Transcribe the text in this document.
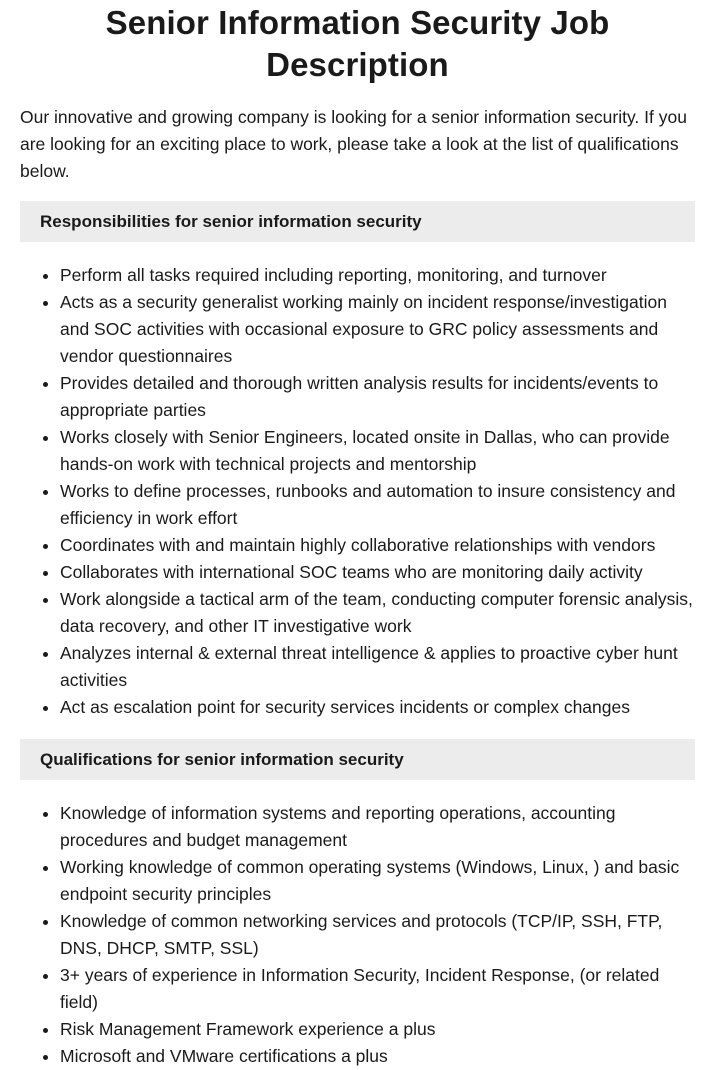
Senior Information Security Job Description

Our innovative and growing company is looking for a senior information security. If you are looking for an exciting place to work, please take a look at the list of qualifications below.

Responsibilities for senior information security
• Perform all tasks required including reporting, monitoring, and turnover
• Acts as a security generalist working mainly on incident response/investigation and SOC activities with occasional exposure to GRC policy assessments and vendor questionnaires
• Provides detailed and thorough written analysis results for incidents/events to appropriate parties
• Works closely with Senior Engineers, located onsite in Dallas, who can provide hands-on work with technical projects and mentorship
• Works to define processes, runbooks and automation to insure consistency and efficiency in work effort
• Coordinates with and maintain highly collaborative relationships with vendors
• Collaborates with international SOC teams who are monitoring daily activity
• Work alongside a tactical arm of the team, conducting computer forensic analysis, data recovery, and other IT investigative work
• Analyzes internal & external threat intelligence & applies to proactive cyber hunt activities
• Act as escalation point for security services incidents or complex changes
Qualifications for senior information security
• Knowledge of information systems and reporting operations, accounting procedures and budget management
• Working knowledge of common operating systems (Windows, Linux, ) and basic endpoint security principles
• Knowledge of common networking services and protocols (TCP/IP, SSH, FTP, DNS, DHCP, SMTP, SSL)
• 3+ years of experience in Information Security, Incident Response, (or related field)
• Risk Management Framework experience a plus
• Microsoft and VMware certifications a plus
